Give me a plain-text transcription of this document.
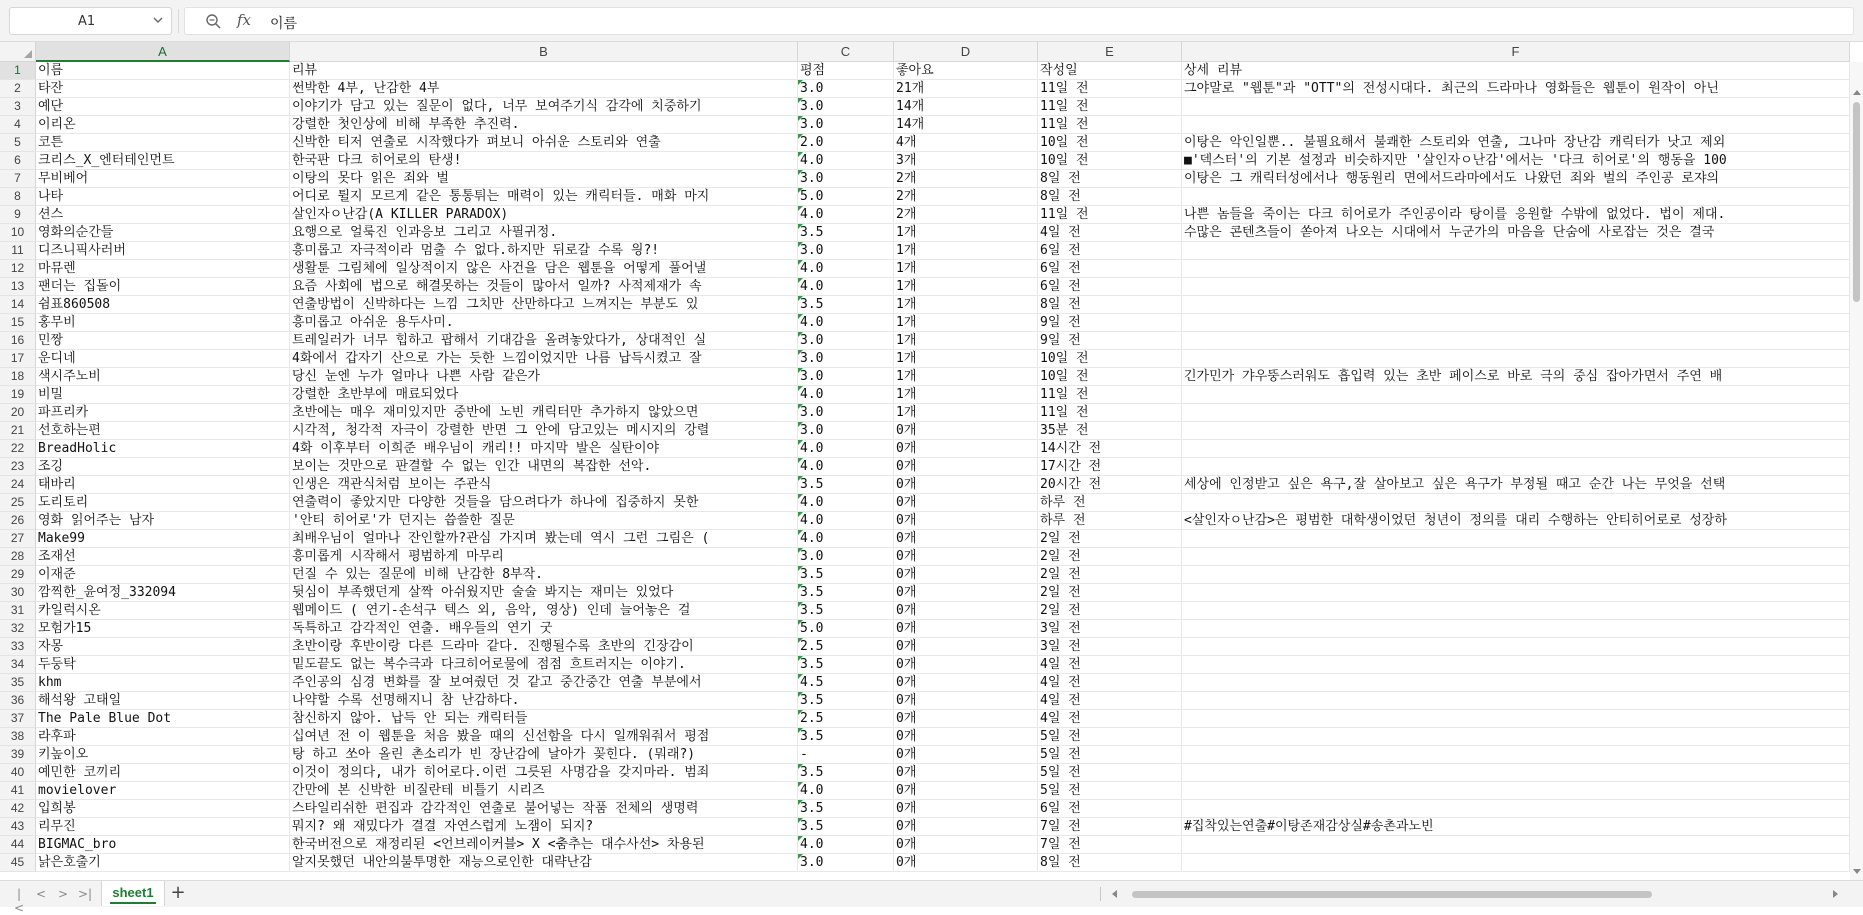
A1	fx 이름
A	B	C	D	E	F
1
2
3
4
5
6
7
8
9
10
11
12
13
14
15
16
17
18
19
20
21
22
23
24
25
26
27
28
29
30
31
32
33
34
35
36
37
38
39
40
41
42
43
44
45
이름	리뷰	평점	좋아요	작성일	상세 리뷰
타잔	썬박한 4부, 난감한 4부	3.0	21개	11일 전	그야말로 "웹툰"과 "OTT"의 전성시대다. 최근의 드라마나 영화들은 웹툰이 원작이 아닌
예단	이야기가 담고 있는 질문이 없다, 너무 보여주기식 감각에 치중하기	3.0	14개	11일 전
이리온	강렬한 첫인상에 비해 부족한 추진력.	3.0	14개	11일 전
코튼	신박한 티저 연출로 시작했다가 펴보니 아쉬운 스토리와 연출	2.0	4개	10일 전	이탕은 악인일뿐.. 불필요해서 불쾌한 스토리와 연출, 그나마 장난감 캐릭터가 낫고 제외
크리스_X_엔터테인먼트	한국판 다크 히어로의 탄생!	4.0	3개	10일 전	■'덱스터'의 기본 설정과 비슷하지만 '살인자ㅇ난감'에서는 '다크 히어로'의 행동을 100
무비베어	이탕의 못다 읽은 죄와 벌	3.0	2개	8일 전	이탕은 그 캐릭터성에서나 행동원리 면에서드라마에서도 나왔던 죄와 벌의 주인공 로쟈의
나타	어디로 튈지 모르게 같은 통통튀는 매력이 있는 캐릭터들. 매화 마지	5.0	2개	8일 전
션스	살인자ㅇ난감(A KILLER PARADOX)	4.0	2개	11일 전	나쁜 놈들을 죽이는 다크 히어로가 주인공이라 탕이를 응원할 수밖에 없었다. 법이 제대.
영화의순간들	요행으로 얼룩진 인과응보 그리고 사필귀정.	3.5	1개	4일 전	수많은 콘텐츠들이 쏟아져 나오는 시대에서 누군가의 마음을 단숨에 사로잡는 것은 결국
디즈니픽사러버	흥미롭고 자극적이라 멈출 수 없다.하지만 뒤로갈 수록 읭?!	3.0	1개	6일 전
마뮤렌	생활툰 그림체에 일상적이지 않은 사건을 담은 웹툰을 어떻게 풀어낼	4.0	1개	6일 전
팬더는 집돌이	요즘 사회에 법으로 해결못하는 것들이 많아서 일까? 사적제재가 속	4.0	1개	6일 전
쉼표860508	연출방법이 신박하다는 느낌 그치만 산만하다고 느껴지는 부분도 있	3.5	1개	8일 전
홍무비	흥미롭고 아쉬운 용두사미.	4.0	1개	9일 전
민짱	트레일러가 너무 힙하고 팝해서 기대감을 올려놓았다가, 상대적인 실	3.0	1개	9일 전
운디네	4화에서 갑자기 산으로 가는 듯한 느낌이었지만 나름 납득시켰고 잘	3.0	1개	10일 전
색시주노비	당신 눈엔 누가 얼마나 나쁜 사람 같은가	3.0	1개	10일 전	긴가민가 갸우뚱스러워도 흡입력 있는 초반 페이스로 바로 극의 중심 잡아가면서 주연 배
비밀	강렬한 초반부에 매료되었다	4.0	1개	11일 전
파프리카	초반에는 매우 재미있지만 중반에 노빈 캐릭터만 추가하지 않았으면	3.0	1개	11일 전
선호하는편	시각적, 청각적 자극이 강렬한 반면 그 안에 담고있는 메시지의 강렬	3.0	0개	35분 전
BreadHolic	4화 이후부터 이희준 배우님이 캐리!! 마지막 발은 실탄이야	4.0	0개	14시간 전
조깅	보이는 것만으로 판결할 수 없는 인간 내면의 복잡한 선악.	4.0	0개	17시간 전
태바리	인생은 객관식처럼 보이는 주관식	3.5	0개	20시간 전	세상에 인정받고 싶은 욕구,잘 살아보고 싶은 욕구가 부정될 때고 순간 나는 무엇을 선택
도리토리	연출력이 좋았지만 다양한 것들을 담으려다가 하나에 집중하지 못한	4.0	0개	하루 전
영화 읽어주는 남자	'안티 히어로'가 던지는 씁쓸한 질문	4.0	0개	하루 전	<살인자ㅇ난감>은 평범한 대학생이었던 청년이 정의를 대리 수행하는 안티히어로로 성장하
Make99	최배우님이 얼마나 잔인할까?관심 가지며 봤는데 역시 그런 그림은 (	4.0	0개	2일 전
조재선	흥미롭게 시작해서 평범하게 마무리	3.0	0개	2일 전
이재준	던질 수 있는 질문에 비해 난감한 8부작.	3.5	0개	2일 전
깜찍한_윤여정_332094	뒷심이 부족했던게 살짝 아쉬웠지만 술술 봐지는 재미는 있었다	3.5	0개	2일 전
카일럭시온	웹메이드 ( 연기-손석구 텍스 외, 음악, 영상) 인데 늘어놓은 걸	3.5	0개	2일 전
모험가15	독특하고 감각적인 연출. 배우들의 연기 굿	5.0	0개	3일 전
자몽	초반이랑 후반이랑 다른 드라마 같다. 진행될수록 초반의 긴장감이	2.5	0개	3일 전
두둥탁	밑도끝도 없는 복수극과 다크히어로물에 점점 흐트러지는 이야기.	3.5	0개	4일 전
khm	주인공의 심경 변화를 잘 보여줬던 것 같고 중간중간 연출 부분에서	4.5	0개	4일 전
해석왕 고태일	나약할 수록 선명해지니 참 난감하다.	3.5	0개	4일 전
The Pale Blue Dot	참신하지 않아. 납득 안 되는 캐릭터들	2.5	0개	4일 전
라후파	십여년 전 이 웹툰을 처음 봤을 때의 신선함을 다시 일깨워줘서 평점	3.5	0개	5일 전
키높이오	탕 하고 쏘아 올린 촌소리가 빈 장난감에 날아가 꽂힌다. (뭐래?)	-	0개	5일 전
예민한 코끼리	이것이 정의다, 내가 히어로다.이런 그릇된 사명감을 갖지마라. 범죄	3.5	0개	5일 전
movielover	간만에 본 신박한 비질란테 비틀기 시리즈	4.0	0개	5일 전
입희봉	스타일리쉬한 편집과 감각적인 연출로 불어넣는 작품 전체의 생명력	3.5	0개	6일 전
리무진	뭐지? 왜 재밌다가 결결 자연스럽게 노잼이 되지?	3.5	0개	7일 전	#집착있는연출#이탕존재감상실#송촌과노빈
BIGMAC_bro	한국버전으로 재정리된 <언브레이커블> X <춤추는 대수사선> 차용된	4.0	0개	7일 전
낡은호출기	알지못했던 내안의불투명한 재능으로인한 대략난감	3.0	0개	8일 전
|<
< > >|	sheet1 +
